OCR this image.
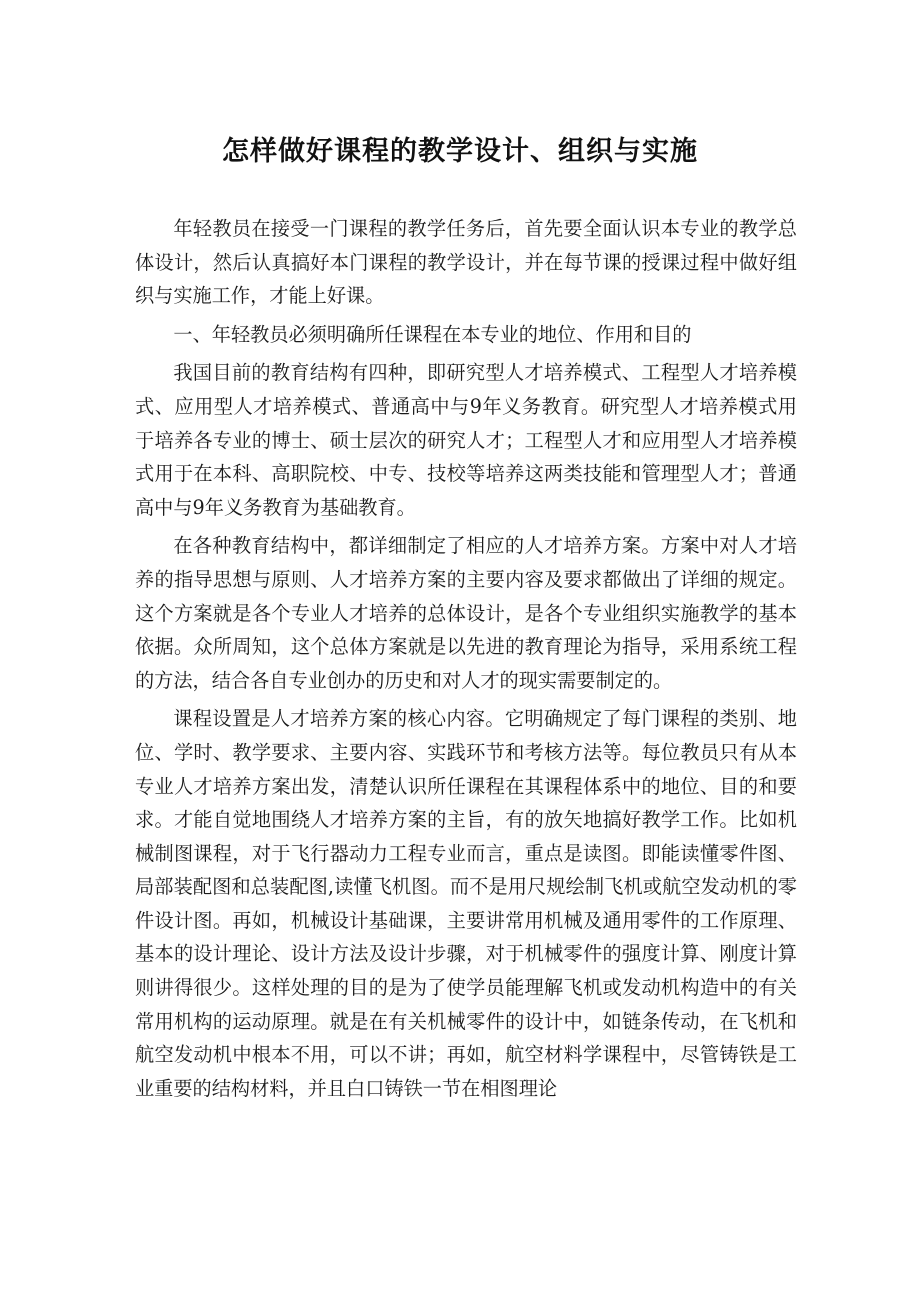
怎样做好课程的教学设计、组织与实施

年轻教员在接受一门课程的教学任务后，首先要全面认识本专业的教学总体设计，然后认真搞好本门课程的教学设计，并在每节课的授课过程中做好组织与实施工作，才能上好课。

一、年轻教员必须明确所任课程在本专业的地位、作用和目的

我国目前的教育结构有四种，即研究型人才培养模式、工程型人才培养模式、应用型人才培养模式、普通高中与9年义务教育。研究型人才培养模式用于培养各专业的博士、硕士层次的研究人才；工程型人才和应用型人才培养模式用于在本科、高职院校、中专、技校等培养这两类技能和管理型人才；普通高中与9年义务教育为基础教育。

在各种教育结构中，都详细制定了相应的人才培养方案。方案中对人才培养的指导思想与原则、人才培养方案的主要内容及要求都做出了详细的规定。这个方案就是各个专业人才培养的总体设计，是各个专业组织实施教学的基本依据。众所周知，这个总体方案就是以先进的教育理论为指导，采用系统工程的方法，结合各自专业创办的历史和对人才的现实需要制定的。

课程设置是人才培养方案的核心内容。它明确规定了每门课程的类别、地位、学时、教学要求、主要内容、实践环节和考核方法等。每位教员只有从本专业人才培养方案出发，清楚认识所任课程在其课程体系中的地位、目的和要求。才能自觉地围绕人才培养方案的主旨，有的放矢地搞好教学工作。比如机械制图课程，对于飞行器动力工程专业而言，重点是读图。即能读懂零件图、局部装配图和总装配图,读懂飞机图。而不是用尺规绘制飞机或航空发动机的零件设计图。再如，机械设计基础课，主要讲常用机械及通用零件的工作原理、基本的设计理论、设计方法及设计步骤，对于机械零件的强度计算、刚度计算则讲得很少。这样处理的目的是为了使学员能理解飞机或发动机构造中的有关常用机构的运动原理。就是在有关机械零件的设计中，如链条传动，在飞机和航空发动机中根本不用，可以不讲；再如，航空材料学课程中，尽管铸铁是工业重要的结构材料，并且白口铸铁一节在相图理论
